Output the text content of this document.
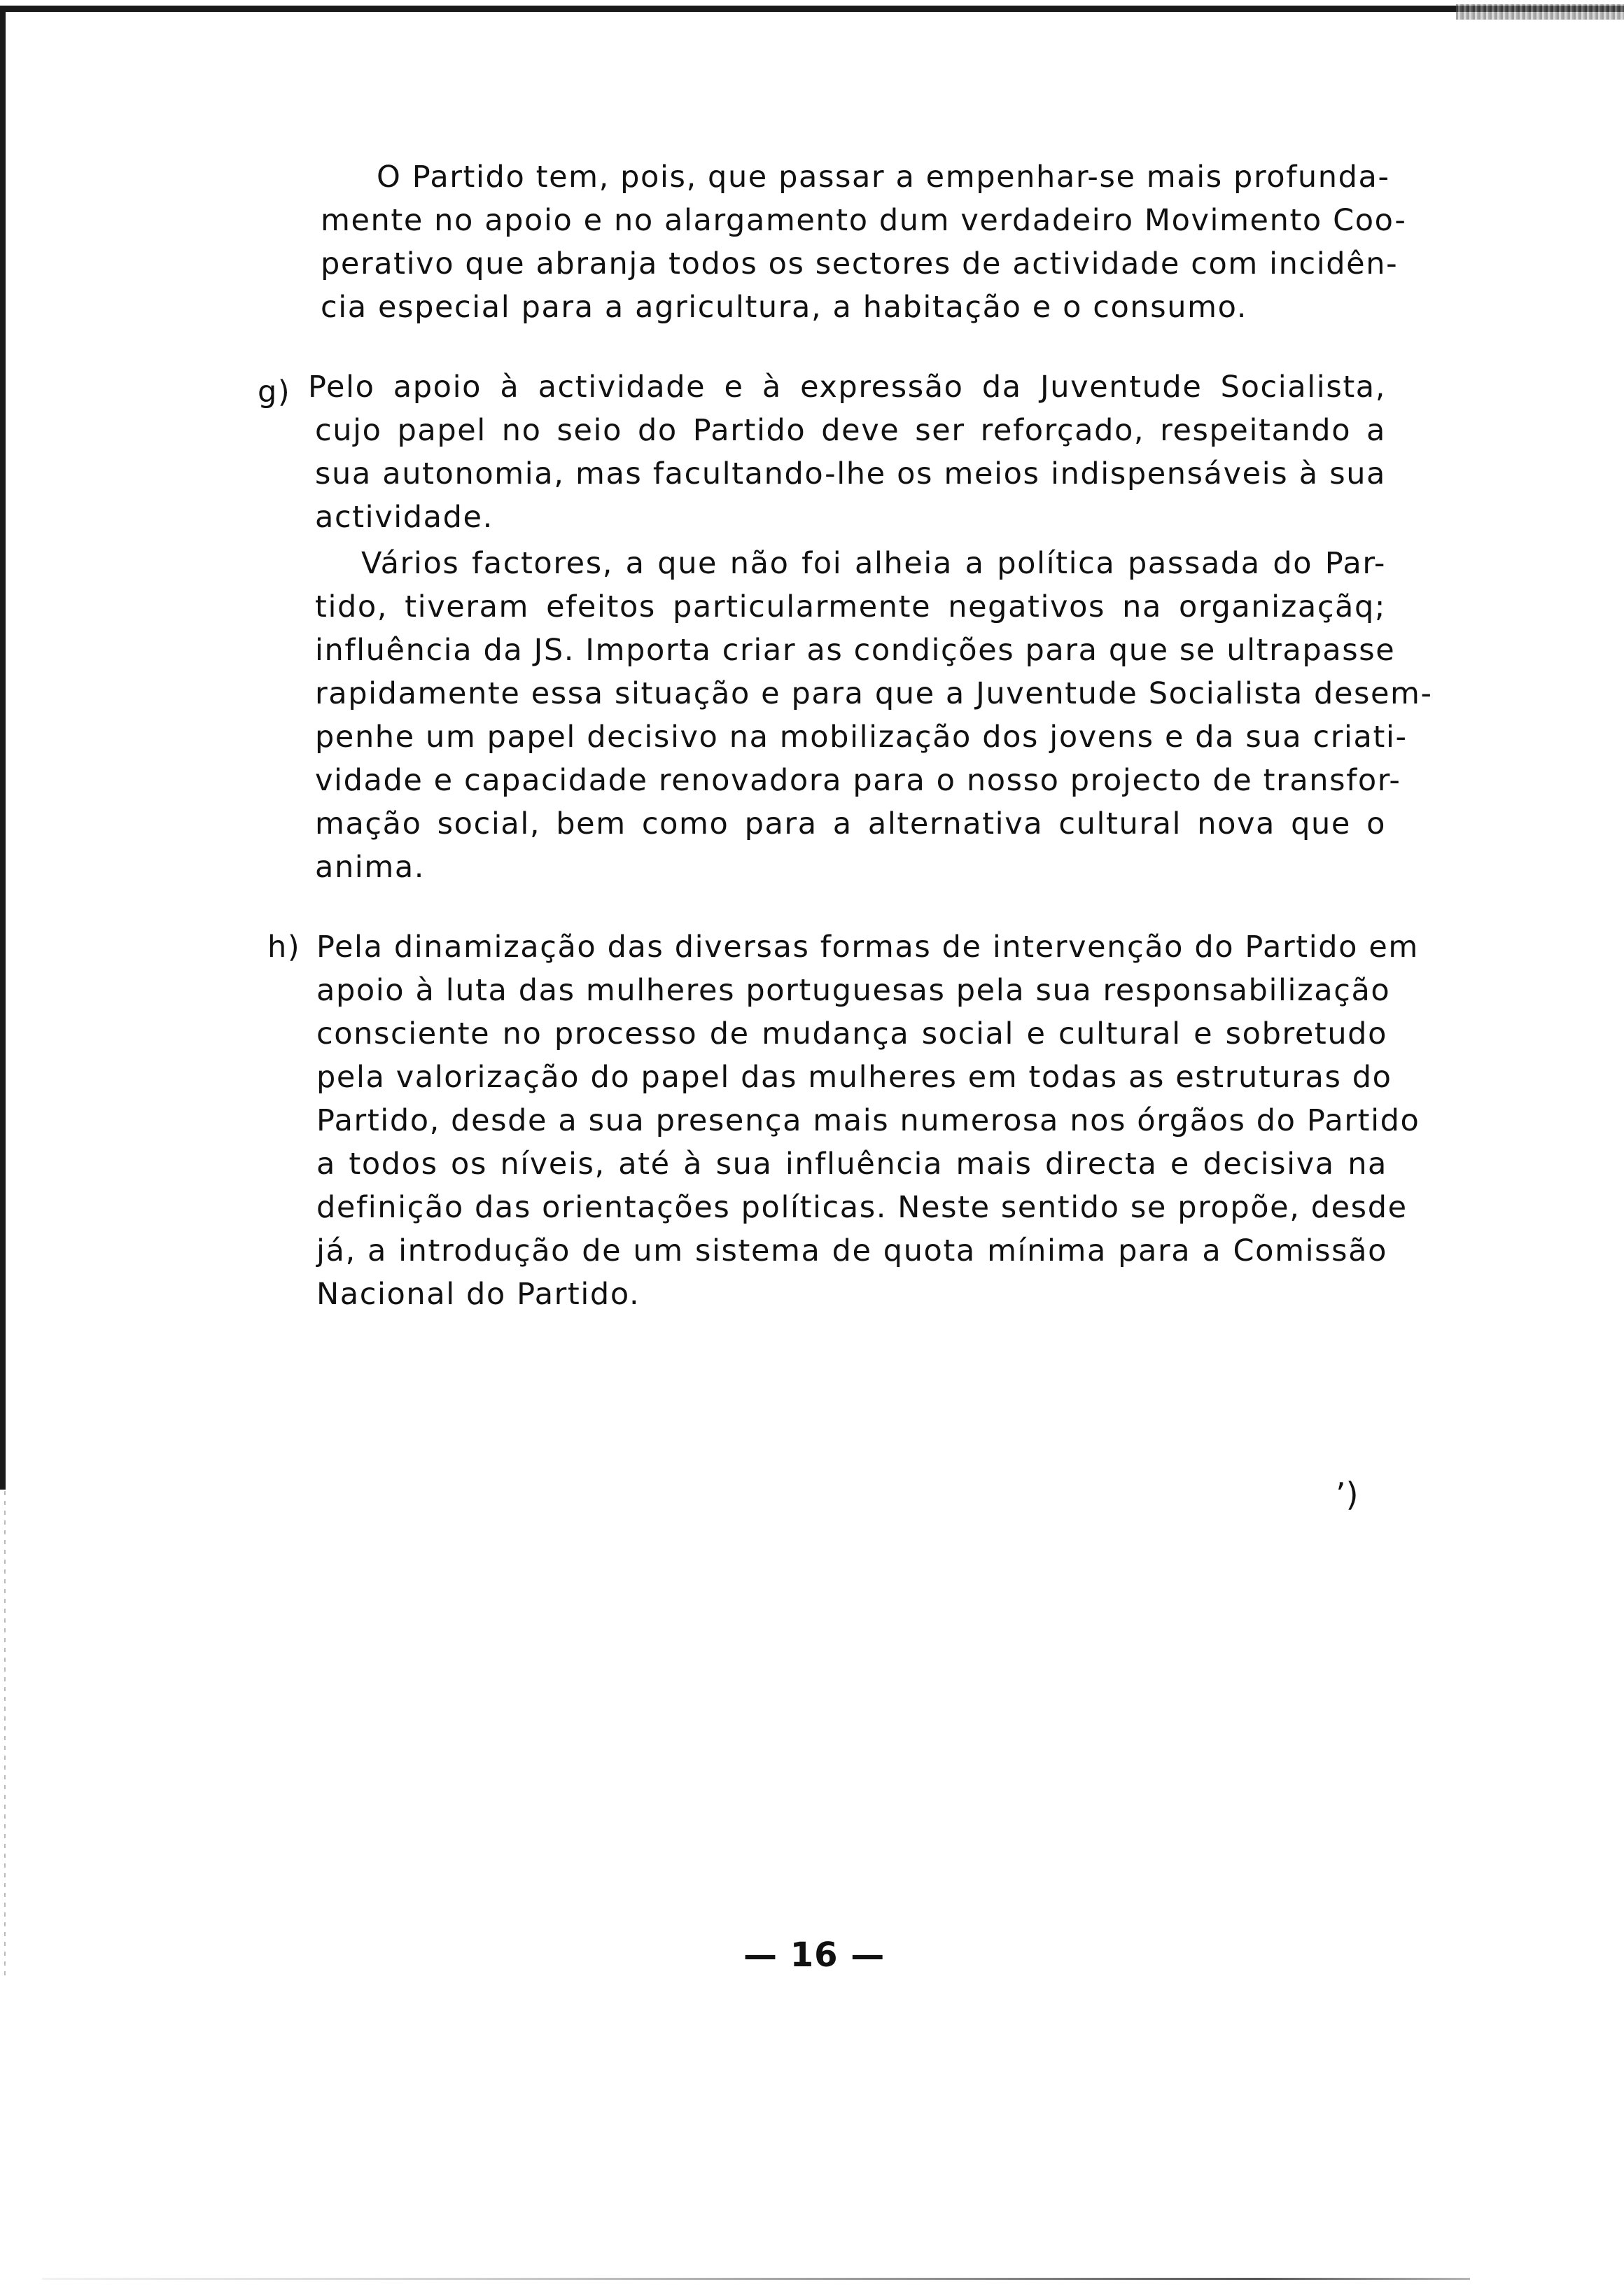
O Partido tem, pois, que passar a empenhar-se mais profunda-
mente no apoio e no alargamento dum verdadeiro Movimento Coo-
perativo que abranja todos os sectores de actividade com incidên-
cia especial para a agricultura, a habitação e o consumo.
g) Pelo apoio à actividade e à expressão da Juventude Socialista,
cujo papel no seio do Partido deve ser reforçado, respeitando a
sua autonomia, mas facultando-lhe os meios indispensáveis à sua
actividade.
Vários factores, a que não foi alheia a política passada do Par-
tido, tiveram efeitos particularmente negativos na organizaçãq;
influência da JS. Importa criar as condições para que se ultrapasse
rapidamente essa situação e para que a Juventude Socialista desem-
penhe um papel decisivo na mobilização dos jovens e da sua criati-
vidade e capacidade renovadora para o nosso projecto de transfor-
mação social, bem como para a alternativa cultural nova que o
anima.
h) Pela dinamização das diversas formas de intervenção do Partido em
apoio à luta das mulheres portuguesas pela sua responsabilização
consciente no processo de mudança social e cultural e sobretudo
pela valorização do papel das mulheres em todas as estruturas do
Partido, desde a sua presença mais numerosa nos órgãos do Partido
a todos os níveis, até à sua influência mais directa e decisiva na
definição das orientações políticas. Neste sentido se propõe, desde
já, a introdução de um sistema de quota mínima para a Comissão
Nacional do Partido.
ʼ)
— 16 —
